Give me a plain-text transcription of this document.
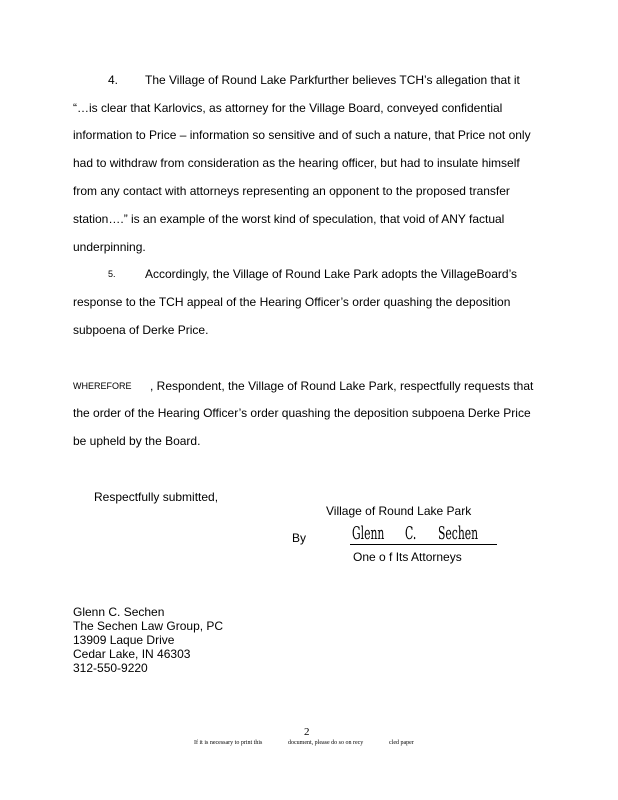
4. The Village of Round Lake Parkfurther believes TCH’s allegation that it
“…is clear that Karlovics, as attorney for the Village Board, conveyed confidential
information to Price – information so sensitive and of such a nature, that Price not only
had to withdraw from consideration as the hearing officer, but had to insulate himself
from any contact with attorneys representing an opponent to the proposed transfer
station….” is an example of the worst kind of speculation, that void of ANY factual
underpinning.
5. Accordingly, the Village of Round Lake Park adopts the VillageBoard’s
response to the TCH appeal of the Hearing Officer’s order quashing the deposition
subpoena of Derke Price.
WHEREFORE , Respondent, the Village of Round Lake Park, respectfully requests that
the order of the Hearing Officer’s order quashing the deposition subpoena Derke Price
be upheld by the Board.
Respectfully submitted,
Village of Round Lake Park
By	Glenn C. Sechen
One o f Its Attorneys
Glenn C. Sechen
The Sechen Law Group, PC
13909 Laque Drive
Cedar Lake, IN 46303
312-550-9220
2
If it is necessary to print this	document, please do so on recy	cled paper
